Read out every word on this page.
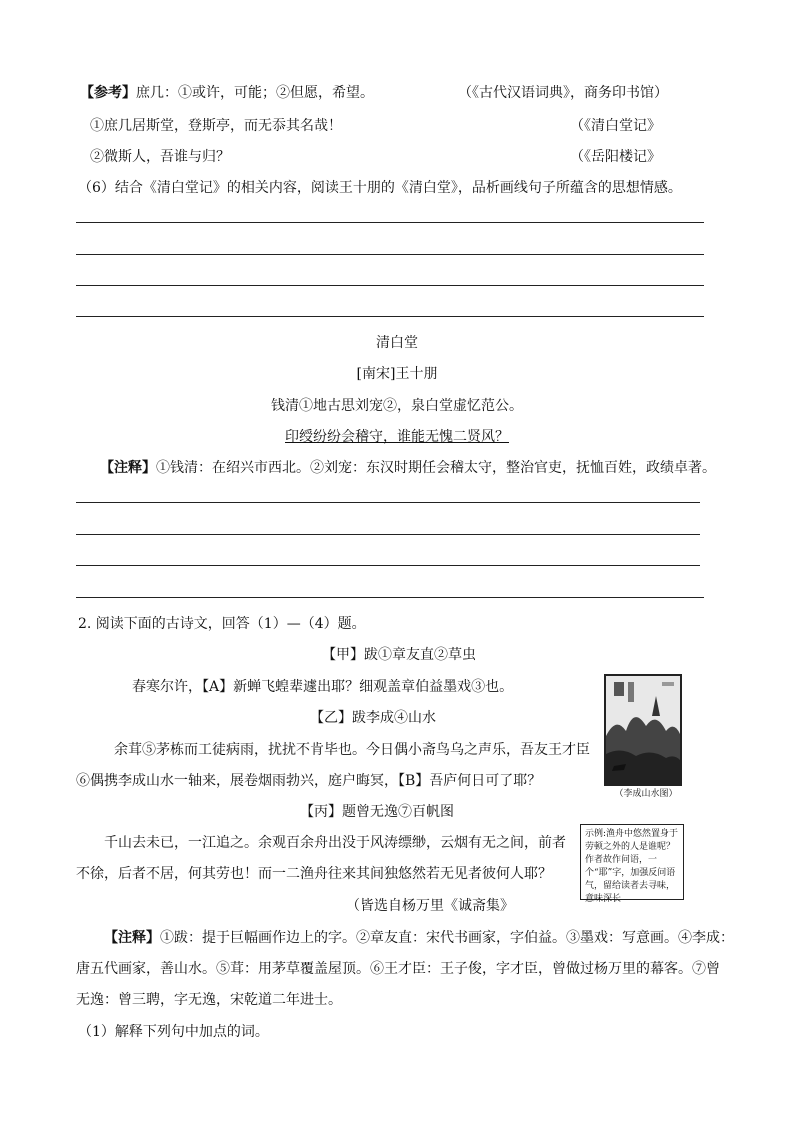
【参考】庶几：①或许，可能；②但愿，希望。	（《古代汉语词典》，商务印书馆）
①庶几居斯堂，登斯亭，而无忝其名哉！	（《清白堂记》
②微斯人，吾谁与归？	（《岳阳楼记》
（6）结合《清白堂记》的相关内容，阅读王十朋的《清白堂》，品析画线句子所蕴含的思想情感。
清白堂
[南宋]王十朋
钱清①地古思刘宠②，泉白堂虚忆范公。
印绶纷纷会稽守，谁能无愧二贤风？
【注释】①钱清：在绍兴市西北。②刘宠：东汉时期任会稽太守，整治官吏，抚恤百姓，政绩卓著。
2. 阅读下面的古诗文，回答（1）—（4）题。
【甲】跋①章友直②草虫
春寒尔许，【A】新蝉飞蝗辈遽出耶？细观盖章伯益墨戏③也。
【乙】跋李成④山水
余茸⑤茅栋而工徒病雨，扰扰不肯毕也。今日偶小斋鸟乌之声乐，吾友王才臣
⑥偶携李成山水一轴来，展卷烟雨勃兴，庭户晦冥，【B】吾庐何日可了耶？
【丙】题曾无逸⑦百帆图
千山去未已，一江追之。余观百余舟出没于风涛缥缈，云烟有无之间，前者
不徐，后者不居，何其劳也！而一二渔舟往来其间独悠然若无见者彼何人耶？
（皆选自杨万里《诚斋集》
【注释】①跋：提于巨幅画作边上的字。②章友直：宋代书画家，字伯益。③墨戏：写意画。④李成：
唐五代画家，善山水。⑤茸：用茅草覆盖屋顶。⑥王才臣：王子俊，字才臣，曾做过杨万里的幕客。⑦曾
无逸：曾三聘，字无逸，宋乾道二年进士。
（1）解释下列句中加点的词。
（李成山水图）
示例:渔舟中悠然置身于劳顿之外的人是谁呢？作者故作问语，一个“耶”字，加强反问语气，留给读者去寻味，意味深长
